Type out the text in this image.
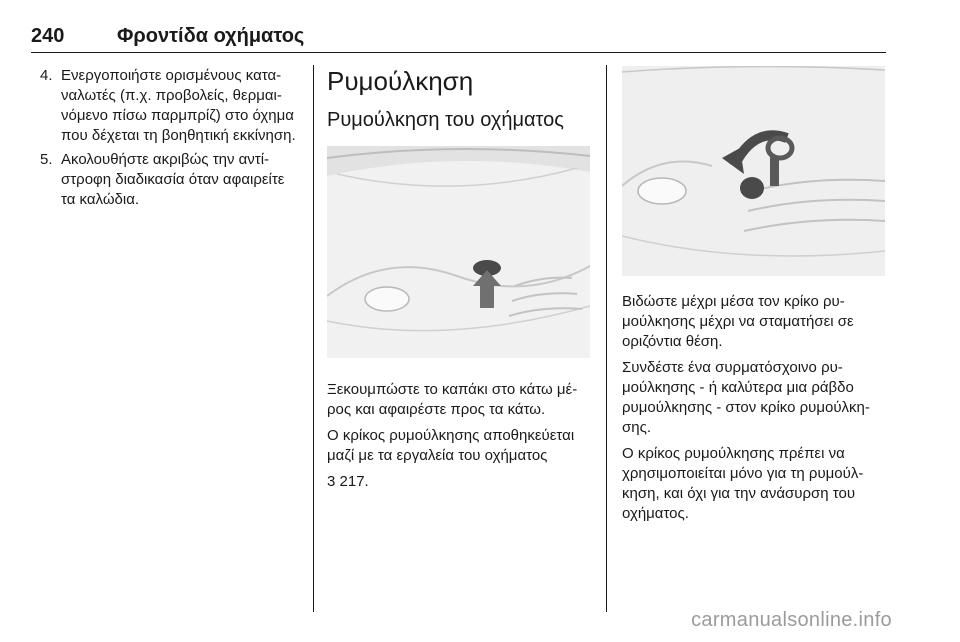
240	Φροντίδα οχήματος
4. Ενεργοποιήστε ορισμένους κατα-ναλωτές (π.χ. προβολείς, θερμαι-νόμενο πίσω παρμπρίζ) στο όχημα που δέχεται τη βοηθητική εκκίνηση.
5. Ακολουθήστε ακριβώς την αντί-στροφη διαδικασία όταν αφαιρείτε τα καλώδια.
Ρυμούλκηση
Ρυμούλκηση του οχήματος

Ξεκουμπώστε το καπάκι στο κάτω μέ-ρος και αφαιρέστε προς τα κάτω.

Ο κρίκος ρυμούλκησης αποθηκεύεται μαζί με τα εργαλεία του οχήματος

3 217.

Βιδώστε μέχρι μέσα τον κρίκο ρυ-μούλκησης μέχρι να σταματήσει σε οριζόντια θέση.

Συνδέστε ένα συρματόσχοινο ρυ-μούλκησης - ή καλύτερα μια ράβδο ρυμούλκησης - στον κρίκο ρυμούλκη-σης.

Ο κρίκος ρυμούλκησης πρέπει να χρησιμοποιείται μόνο για τη ρυμούλ-κηση, και όχι για την ανάσυρση του οχήματος.

carmanualsonline.info
